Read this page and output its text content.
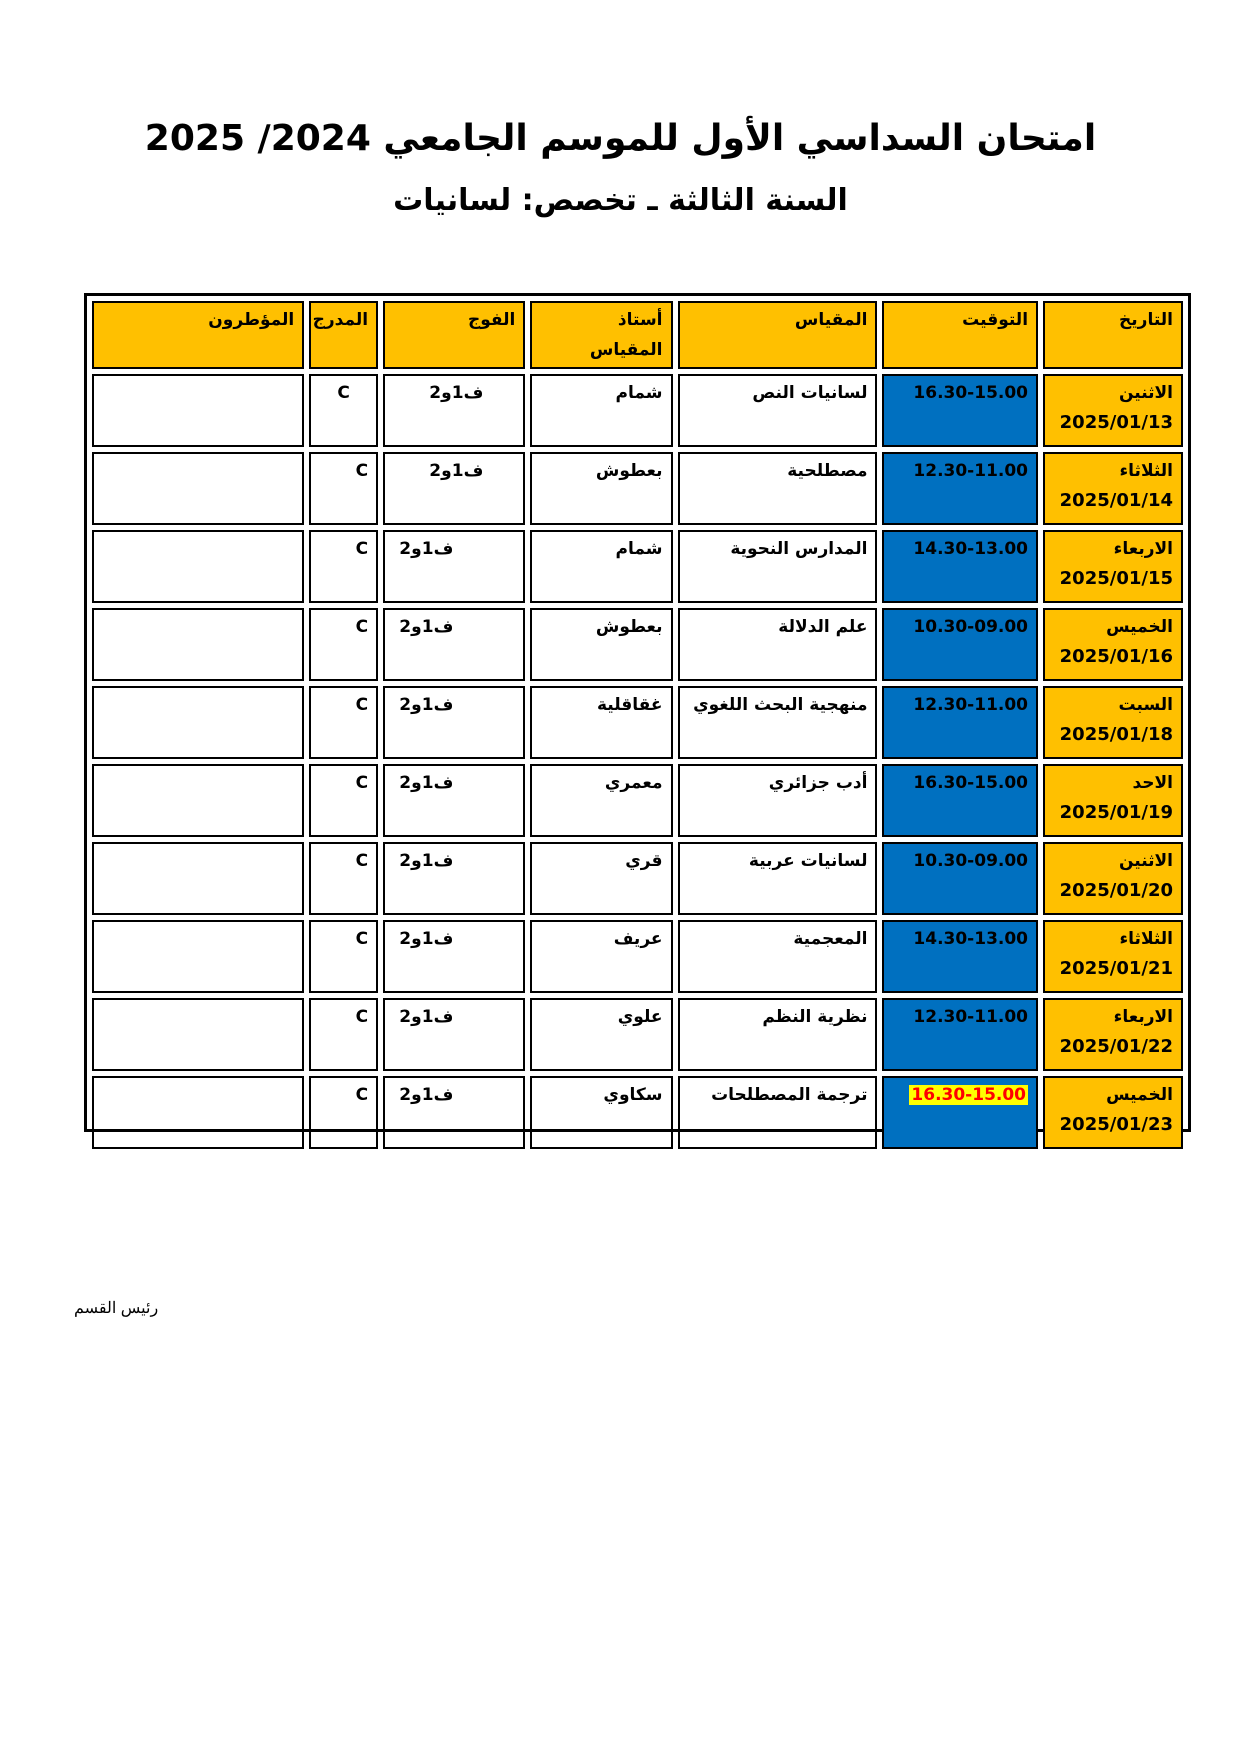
امتحان السداسي الأول للموسم الجامعي 2024/ 2025
السنة الثالثة ـ تخصص: لسانيات
التاريخ	التوقيت	المقياس	أستاذ المقياس	الفوج	المدرج	المؤطرون

الاثنين
2025/01/13	16.30-15.00	لسانيات النص	شمام	ف1و2	C	

الثلاثاء
2025/01/14	12.30-11.00	مصطلحية	بعطوش	ف1و2	C	

الاربعاء
2025/01/15	14.30-13.00	المدارس النحوية	شمام	ف1و2	C	

الخميس
2025/01/16	10.30-09.00	علم الدلالة	بعطوش	ف1و2	C	

السبت
2025/01/18	12.30-11.00	منهجية البحث اللغوي	غقاقلية	ف1و2	C	

الاحد
2025/01/19	16.30-15.00	أدب جزائري	معمري	ف1و2	C	

الاثنين
2025/01/20	10.30-09.00	لسانيات عربية	قري	ف1و2	C	

الثلاثاء
2025/01/21	14.30-13.00	المعجمية	عريف	ف1و2	C	

الاربعاء
2025/01/22	12.30-11.00	نظرية النظم	علوي	ف1و2	C	

الخميس
2025/01/23	16.30-15.00	ترجمة المصطلحات	سكاوي	ف1و2	C	
رئيس القسم
